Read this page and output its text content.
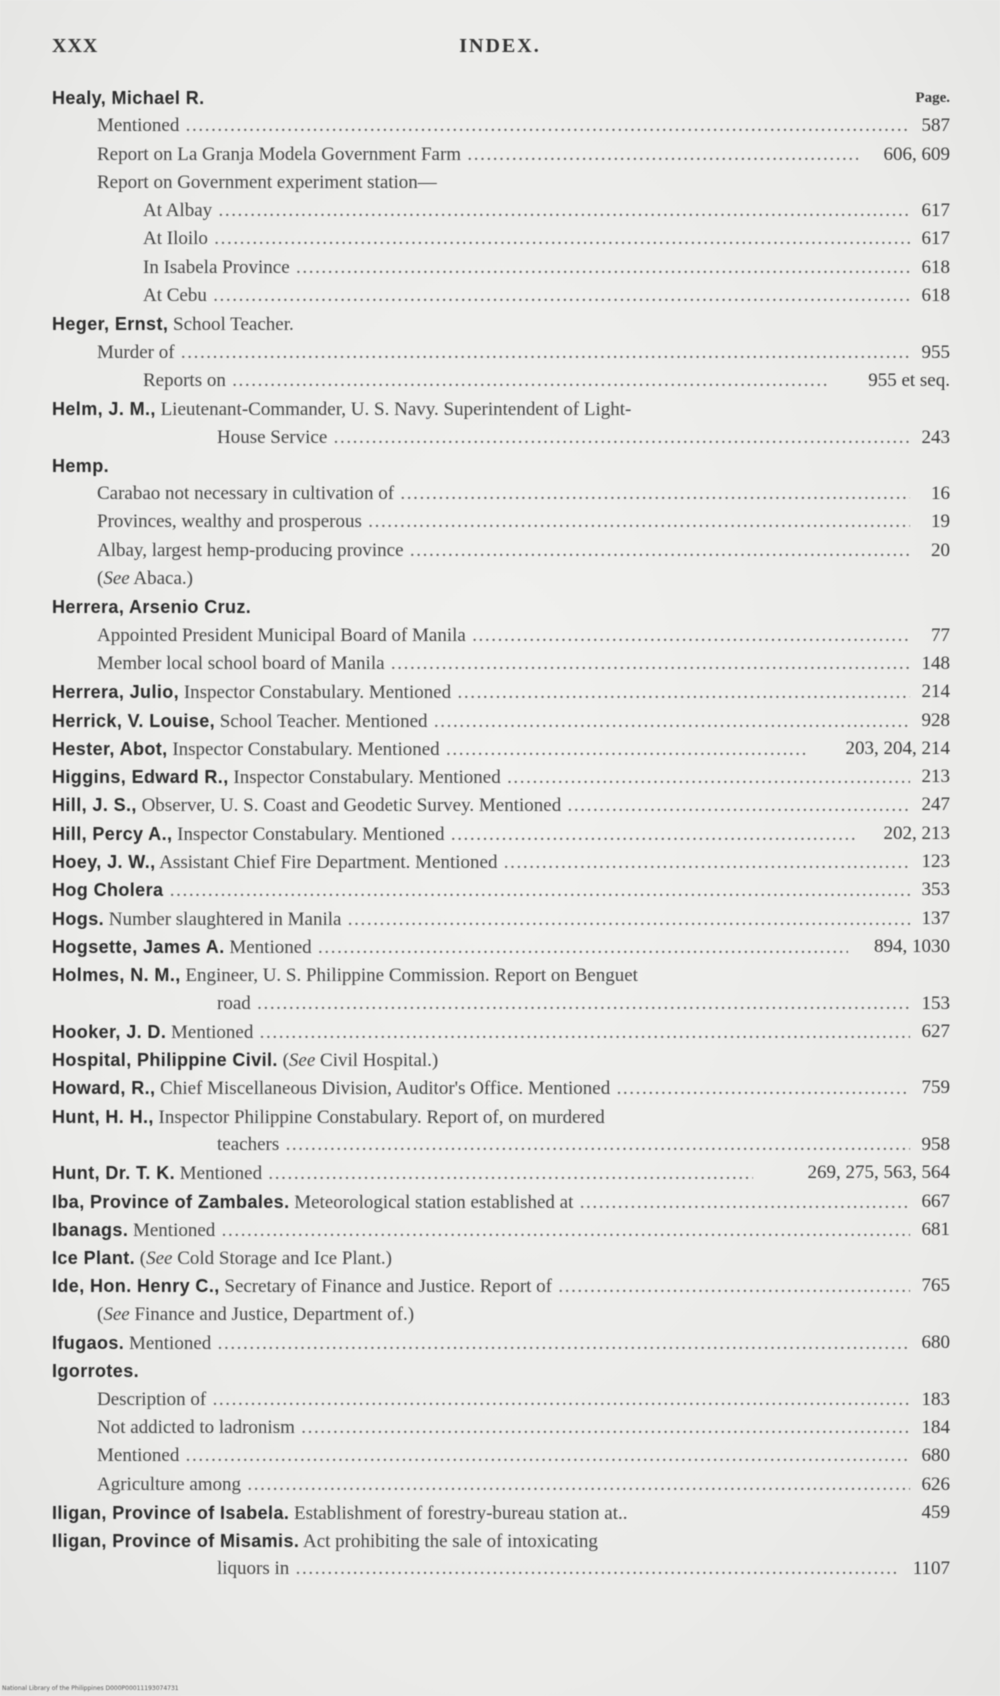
XXX	INDEX.
Healy, Michael R.	Page.
Mentioned .....	587
Report on La Granja Modela Government Farm .....	606, 609
Report on Government experiment station—
At Albay .....	617
At Iloilo .....	617
In Isabela Province .....	618
At Cebu .....	618
Heger, Ernst, School Teacher.
Murder of .....	955
Reports on .....	955 et seq.
Helm, J. M., Lieutenant-Commander, U. S. Navy. Superintendent of Light-
House Service .....	243
Hemp.
Carabao not necessary in cultivation of .....	16
Provinces, wealthy and prosperous .....	19
Albay, largest hemp-producing province .....	20
(See Abaca.)
Herrera, Arsenio Cruz.
Appointed President Municipal Board of Manila .....	77
Member local school board of Manila .....	148
Herrera, Julio, Inspector Constabulary. Mentioned .....	214
Herrick, V. Louise, School Teacher. Mentioned .....	928
Hester, Abot, Inspector Constabulary. Mentioned .....	203, 204, 214
Higgins, Edward R., Inspector Constabulary. Mentioned .....	213
Hill, J. S., Observer, U. S. Coast and Geodetic Survey. Mentioned .....	247
Hill, Percy A., Inspector Constabulary. Mentioned .....	202, 213
Hoey, J. W., Assistant Chief Fire Department. Mentioned .....	123
Hog Cholera .....	353
Hogs. Number slaughtered in Manila .....	137
Hogsette, James A. Mentioned .....	894, 1030
Holmes, N. M., Engineer, U. S. Philippine Commission. Report on Benguet
road .....	153
Hooker, J. D. Mentioned .....	627
Hospital, Philippine Civil. (See Civil Hospital.)
Howard, R., Chief Miscellaneous Division, Auditor's Office. Mentioned .....	759
Hunt, H. H., Inspector Philippine Constabulary. Report of, on murdered
teachers .....	958
Hunt, Dr. T. K. Mentioned .....	269, 275, 563, 564
Iba, Province of Zambales. Meteorological station established at .....	667
Ibanags. Mentioned .....	681
Ice Plant. (See Cold Storage and Ice Plant.)
Ide, Hon. Henry C., Secretary of Finance and Justice. Report of .....	765
(See Finance and Justice, Department of.)
Ifugaos. Mentioned .....	680
Igorrotes.
Description of .....	183
Not addicted to ladronism .....	184
Mentioned .....	680
Agriculture among .....	626
Iligan, Province of Isabela. Establishment of forestry-bureau station at..	459
Iligan, Province of Misamis. Act prohibiting the sale of intoxicating
liquors in .....	1107
National Library of the Philippines D000P00011193074731
